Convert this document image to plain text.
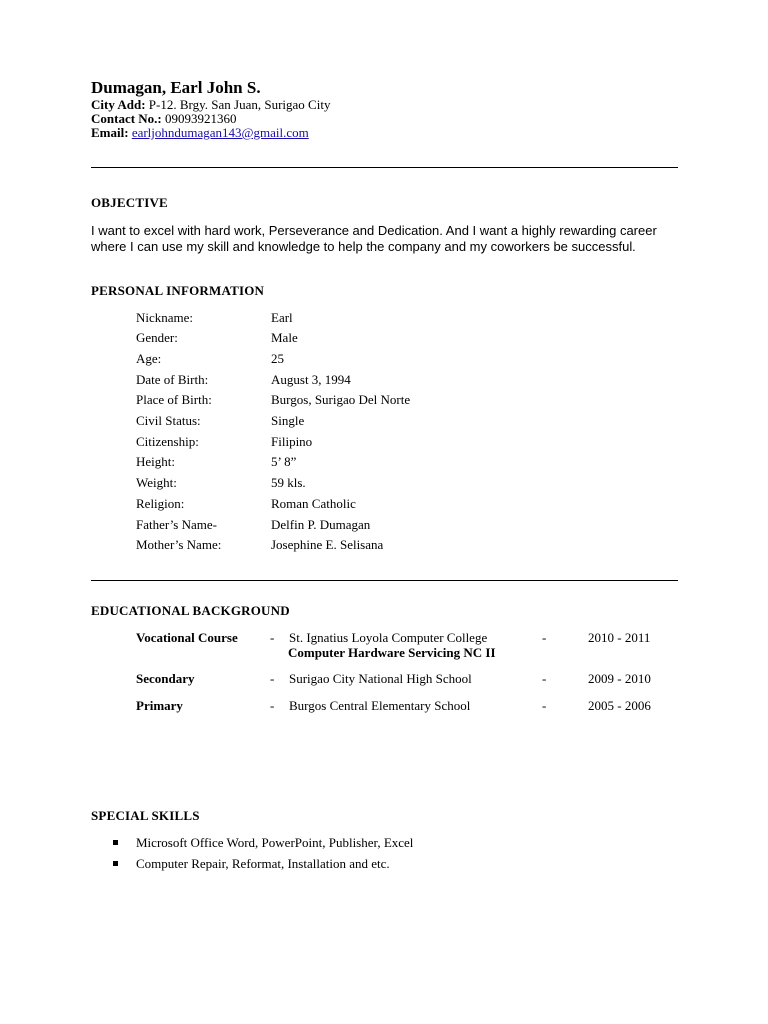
Dumagan, Earl John S.
City Add: P-12. Brgy. San Juan, Surigao City
Contact No.: 09093921360
Email: earljohndumagan143@gmail.com
OBJECTIVE
I want to excel with hard work, Perseverance and Dedication. And I want a highly rewarding career where I can use my skill and knowledge to help the company and my coworkers be successful.
PERSONAL INFORMATION
Nickname:	Earl
Gender:	Male
Age:	25
Date of Birth:	August 3, 1994
Place of Birth:	Burgos, Surigao Del Norte
Civil Status:	Single
Citizenship:	Filipino
Height:	5’ 8”
Weight:	59 kls.
Religion:	Roman Catholic
Father’s Name-	Delfin P. Dumagan
Mother’s Name:	Josephine E. Selisana
EDUCATIONAL BACKGROUND
Vocational Course - St. Ignatius Loyola Computer College	-	2010 - 2011
Computer Hardware Servicing NC II
Secondary	- Surigao City National High School	-	2009 - 2010
Primary	- Burgos Central Elementary School	-	2005 - 2006
SPECIAL SKILLS
Microsoft Office Word, PowerPoint, Publisher, Excel
Computer Repair, Reformat, Installation and etc.
